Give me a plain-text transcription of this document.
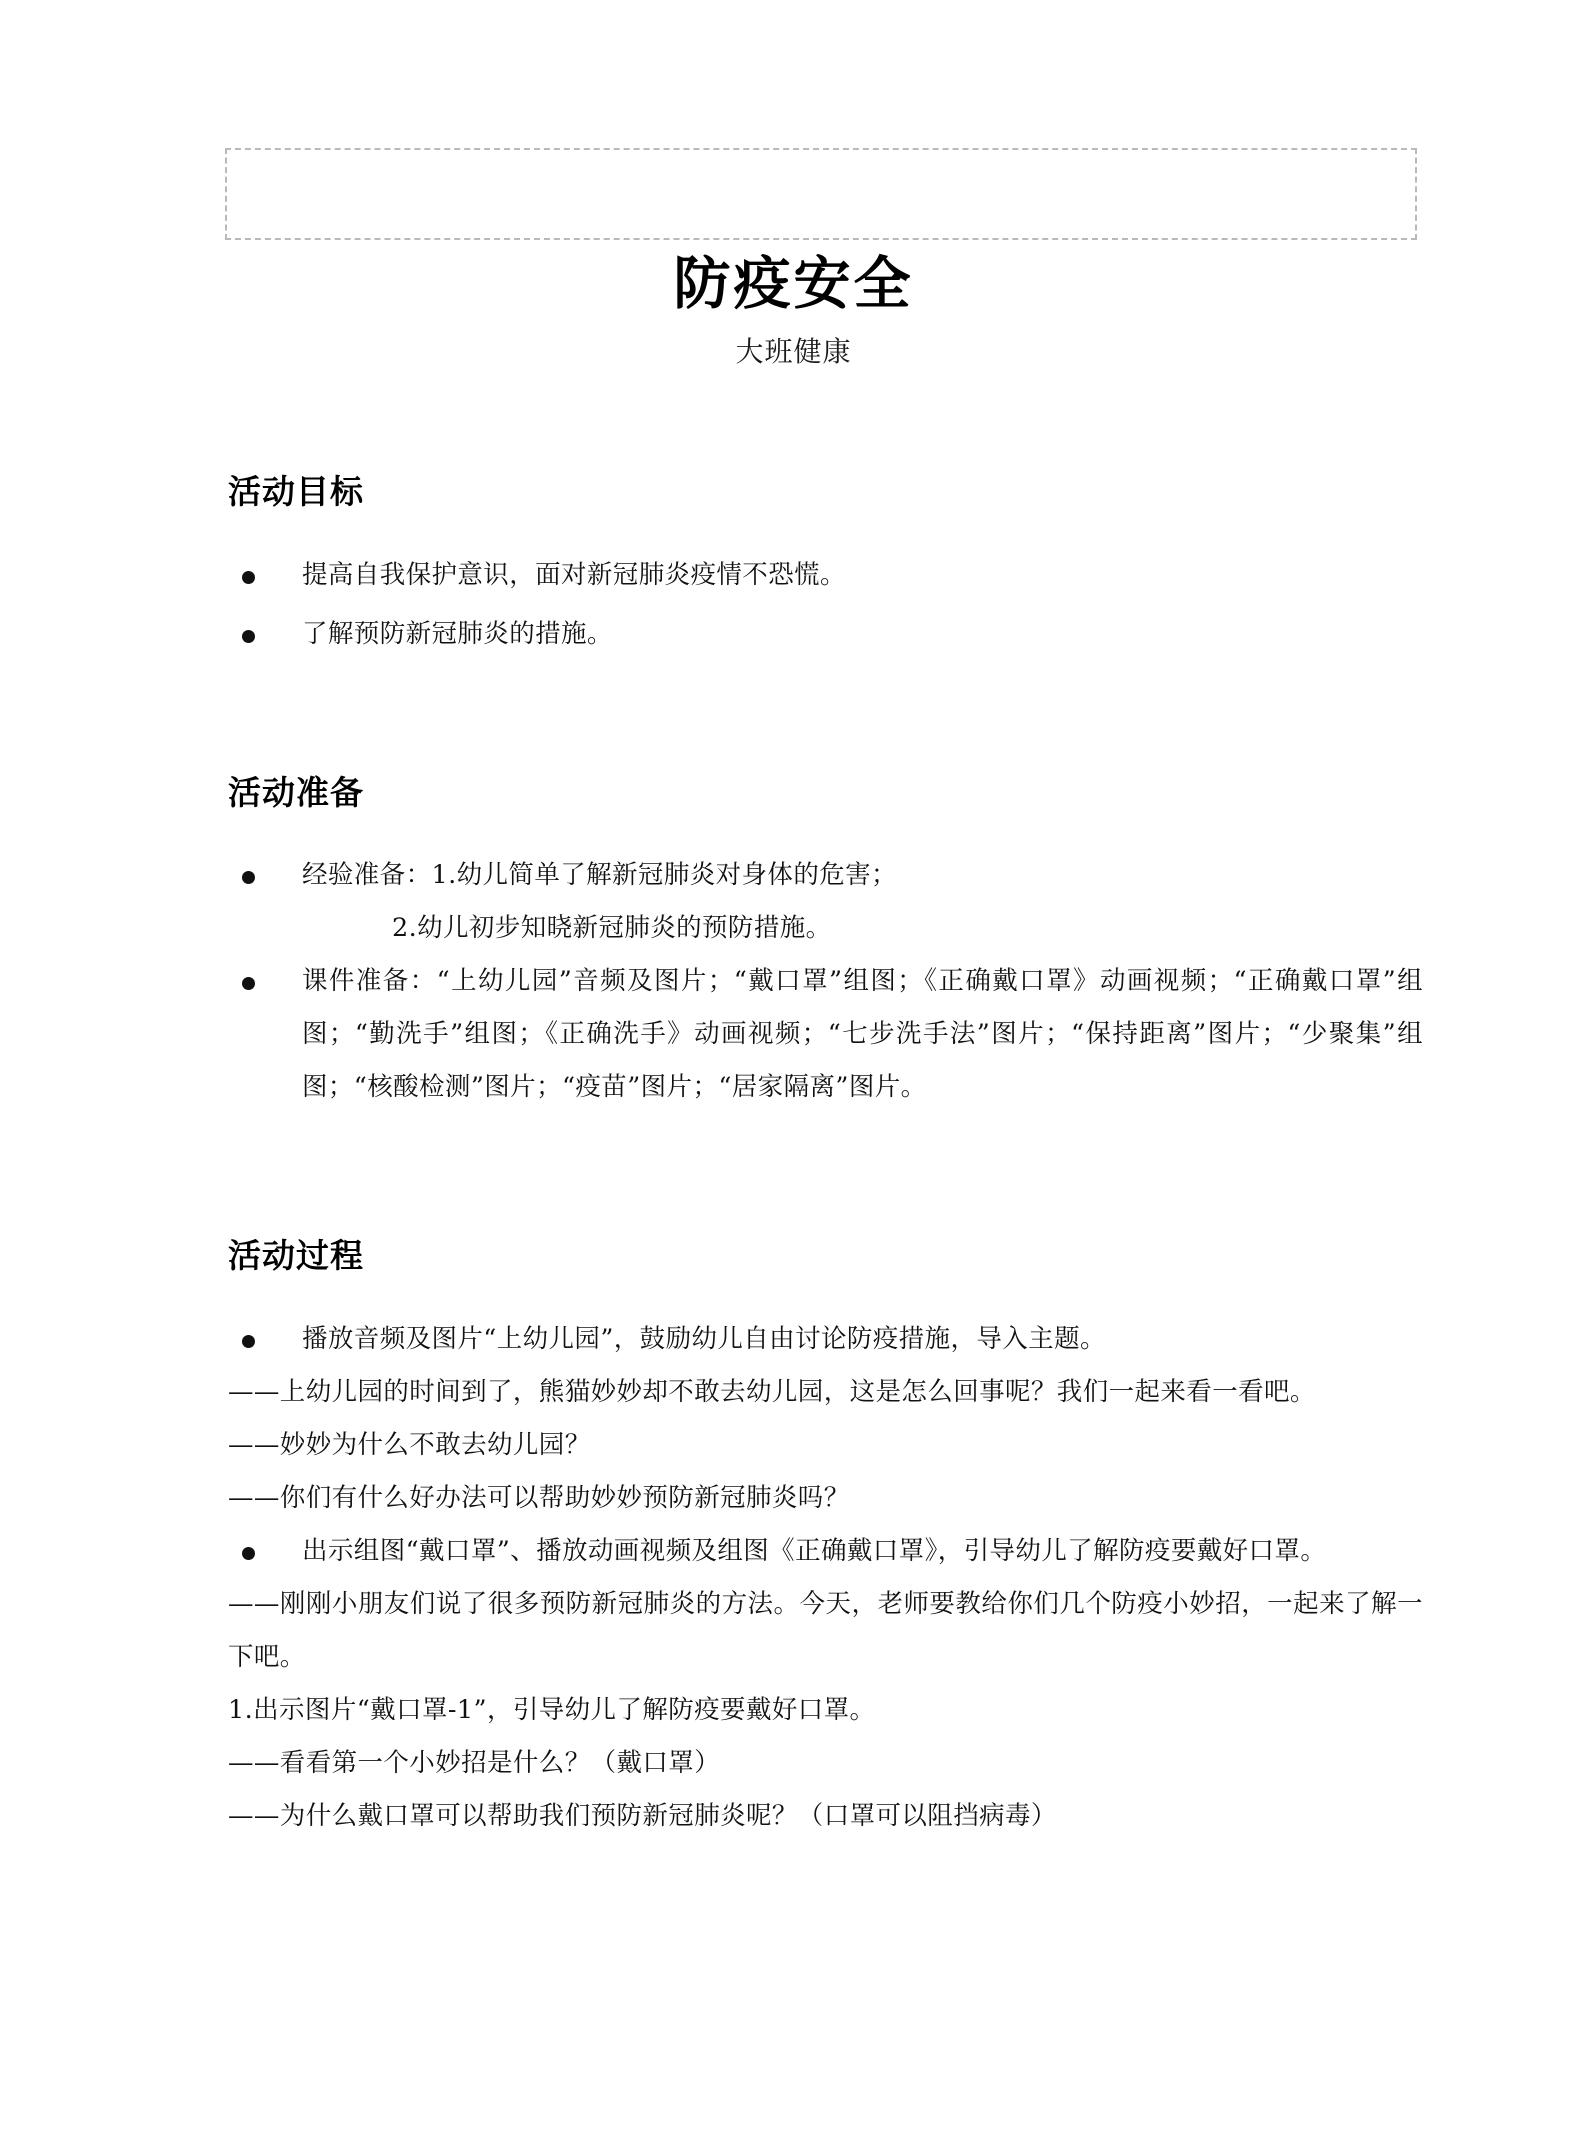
防疫安全

大班健康

活动目标
提高自我保护意识，面对新冠肺炎疫情不恐慌。
了解预防新冠肺炎的措施。
活动准备
经验准备：1.幼儿简单了解新冠肺炎对身体的危害；
2.幼儿初步知晓新冠肺炎的预防措施。
课件准备：“上幼儿园”音频及图片；“戴口罩”组图；《正确戴口罩》动画视频；“正确戴口罩”组图；“勤洗手”组图；《正确洗手》动画视频；“七步洗手法”图片；“保持距离”图片；“少聚集”组图；“核酸检测”图片；“疫苗”图片；“居家隔离”图片。
活动过程
播放音频及图片“上幼儿园”，鼓励幼儿自由讨论防疫措施，导入主题。
——上幼儿园的时间到了，熊猫妙妙却不敢去幼儿园，这是怎么回事呢？我们一起来看一看吧。
——妙妙为什么不敢去幼儿园？
——你们有什么好办法可以帮助妙妙预防新冠肺炎吗？
出示组图“戴口罩”、播放动画视频及组图《正确戴口罩》，引导幼儿了解防疫要戴好口罩。
——刚刚小朋友们说了很多预防新冠肺炎的方法。今天，老师要教给你们几个防疫小妙招，一起来了解一下吧。
1.出示图片“戴口罩-1”，引导幼儿了解防疫要戴好口罩。
——看看第一个小妙招是什么？（戴口罩）
——为什么戴口罩可以帮助我们预防新冠肺炎呢？（口罩可以阻挡病毒）
